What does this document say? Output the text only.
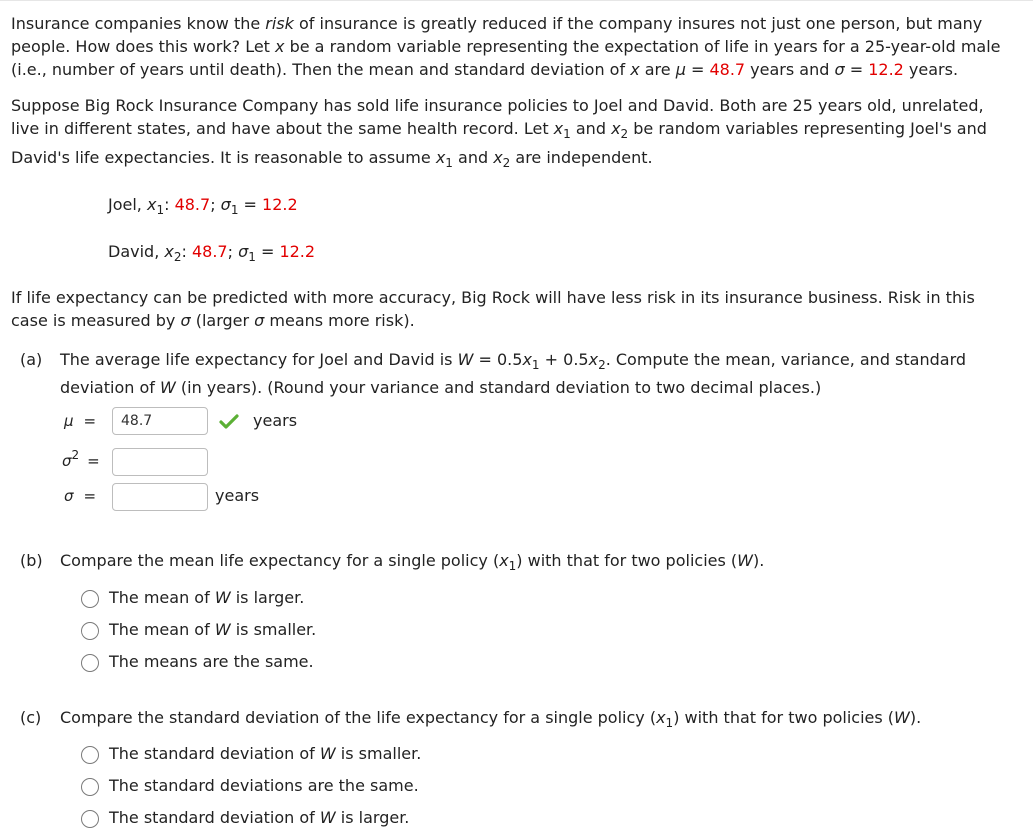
Insurance companies know the risk of insurance is greatly reduced if the company insures not just one person, but many people. How does this work? Let x be a random variable representing the expectation of life in years for a 25-year-old male (i.e., number of years until death). Then the mean and standard deviation of x are μ = 48.7 years and σ = 12.2 years.
Suppose Big Rock Insurance Company has sold life insurance policies to Joel and David. Both are 25 years old, unrelated,
live in different states, and have about the same health record. Let $x_1$ and $x_2$ be random variables representing Joel's and
David's life expectancies. It is reasonable to assume $x_1$ and $x_2$ are independent.
Joel, $x_1$: 48.7; $\sigma_1 = 12.2$
David, $x_2$: 48.7; $\sigma_1 = 12.2$
If life expectancy can be predicted with more accuracy, Big Rock will have less risk in its insurance business. Risk in this
case is measured by σ (larger σ means more risk).
(a) The average life expectancy for Joel and David is $W = 0.5x_1 + 0.5x_2$. Compute the mean, variance, and standard
deviation of W (in years). (Round your variance and standard deviation to two decimal places.)
μ =	48.7	years
$\sigma^2$ =
σ =	years
(b) Compare the mean life expectancy for a single policy $(x_1)$ with that for two policies (W).
The mean of W is larger.
The mean of W is smaller.
The means are the same.
(c) Compare the standard deviation of the life expectancy for a single policy $(x_1)$ with that for two policies (W).
The standard deviation of W is smaller.
The standard deviations are the same.
The standard deviation of W is larger.
